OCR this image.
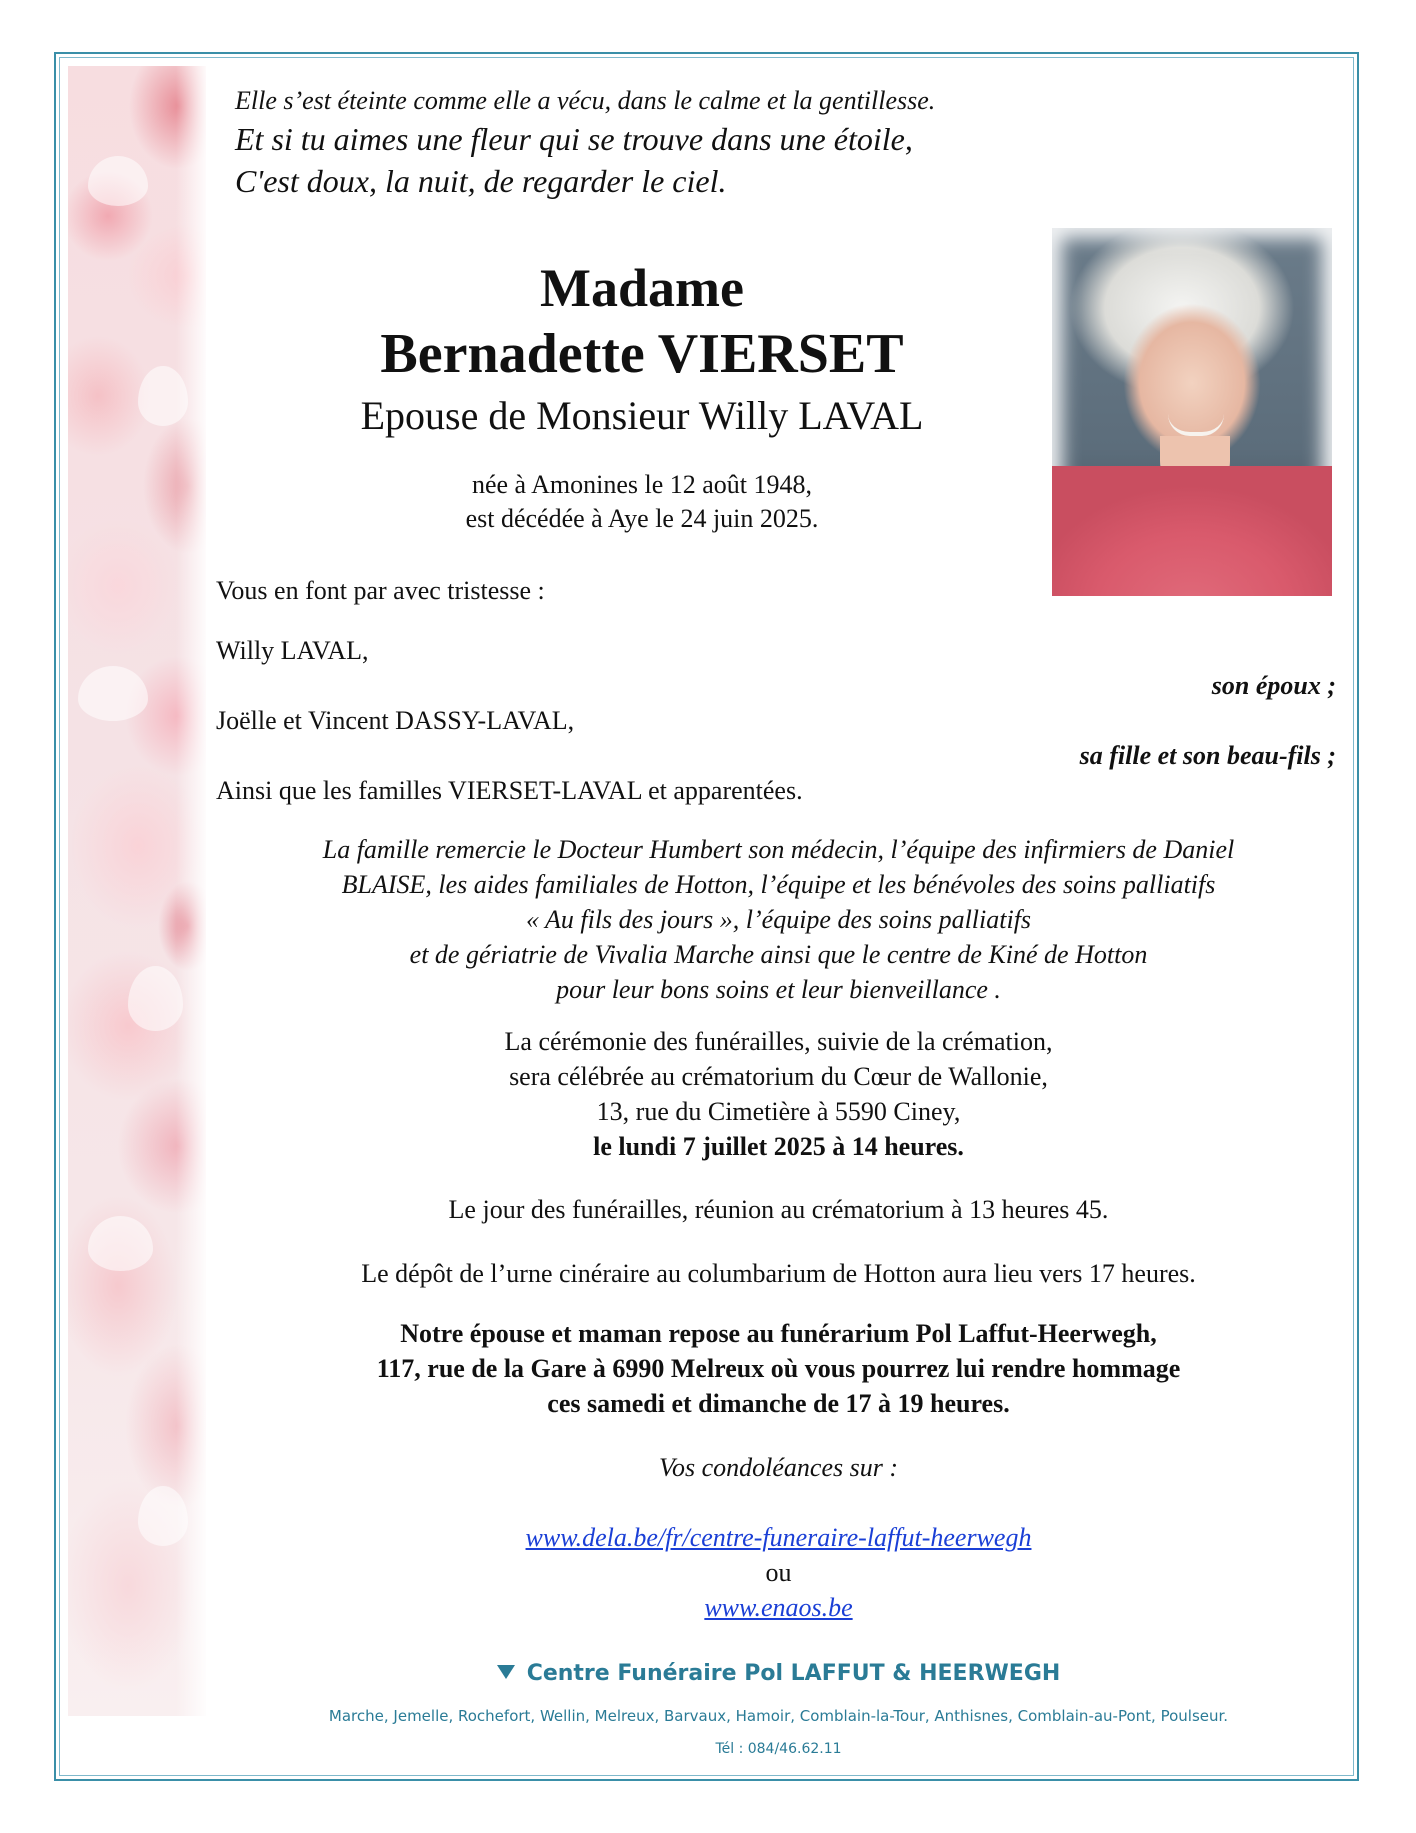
Elle s’est éteinte comme elle a vécu, dans le calme et la gentillesse.
Et si tu aimes une fleur qui se trouve dans une étoile,
C'est doux, la nuit, de regarder le ciel.
Madame
Bernadette VIERSET
Epouse de Monsieur Willy LAVAL
née à Amonines le 12 août 1948,
est décédée à Aye le 24 juin 2025.
Vous en font par avec tristesse :
Willy LAVAL,
son époux ;
Joëlle et Vincent DASSY-LAVAL,
sa fille et son beau-fils ;
Ainsi que les familles VIERSET-LAVAL et apparentées.
La famille remercie le Docteur Humbert son médecin, l’équipe des infirmiers de Daniel
BLAISE, les aides familiales de Hotton, l’équipe et les bénévoles des soins palliatifs
« Au fils des jours », l’équipe des soins palliatifs
et de gériatrie de Vivalia Marche ainsi que le centre de Kiné de Hotton
pour leur bons soins et leur bienveillance .
La cérémonie des funérailles, suivie de la crémation,
sera célébrée au crématorium du Cœur de Wallonie,
13, rue du Cimetière à 5590 Ciney,
le lundi 7 juillet 2025 à 14 heures.
Le jour des funérailles, réunion au crématorium à 13 heures 45.
Le dépôt de l’urne cinéraire au columbarium de Hotton aura lieu vers 17 heures.
Notre épouse et maman repose au funérarium Pol Laffut-Heerwegh,
117, rue de la Gare à 6990 Melreux où vous pourrez lui rendre hommage
ces samedi et dimanche de 17 à 19 heures.
Vos condoléances sur :
www.dela.be/fr/centre-funeraire-laffut-heerwegh
ou
www.enaos.be
Centre Funéraire Pol LAFFUT & HEERWEGH
Marche, Jemelle, Rochefort, Wellin, Melreux, Barvaux, Hamoir, Comblain-la-Tour, Anthisnes, Comblain-au-Pont, Poulseur.
Tél : 084/46.62.11
